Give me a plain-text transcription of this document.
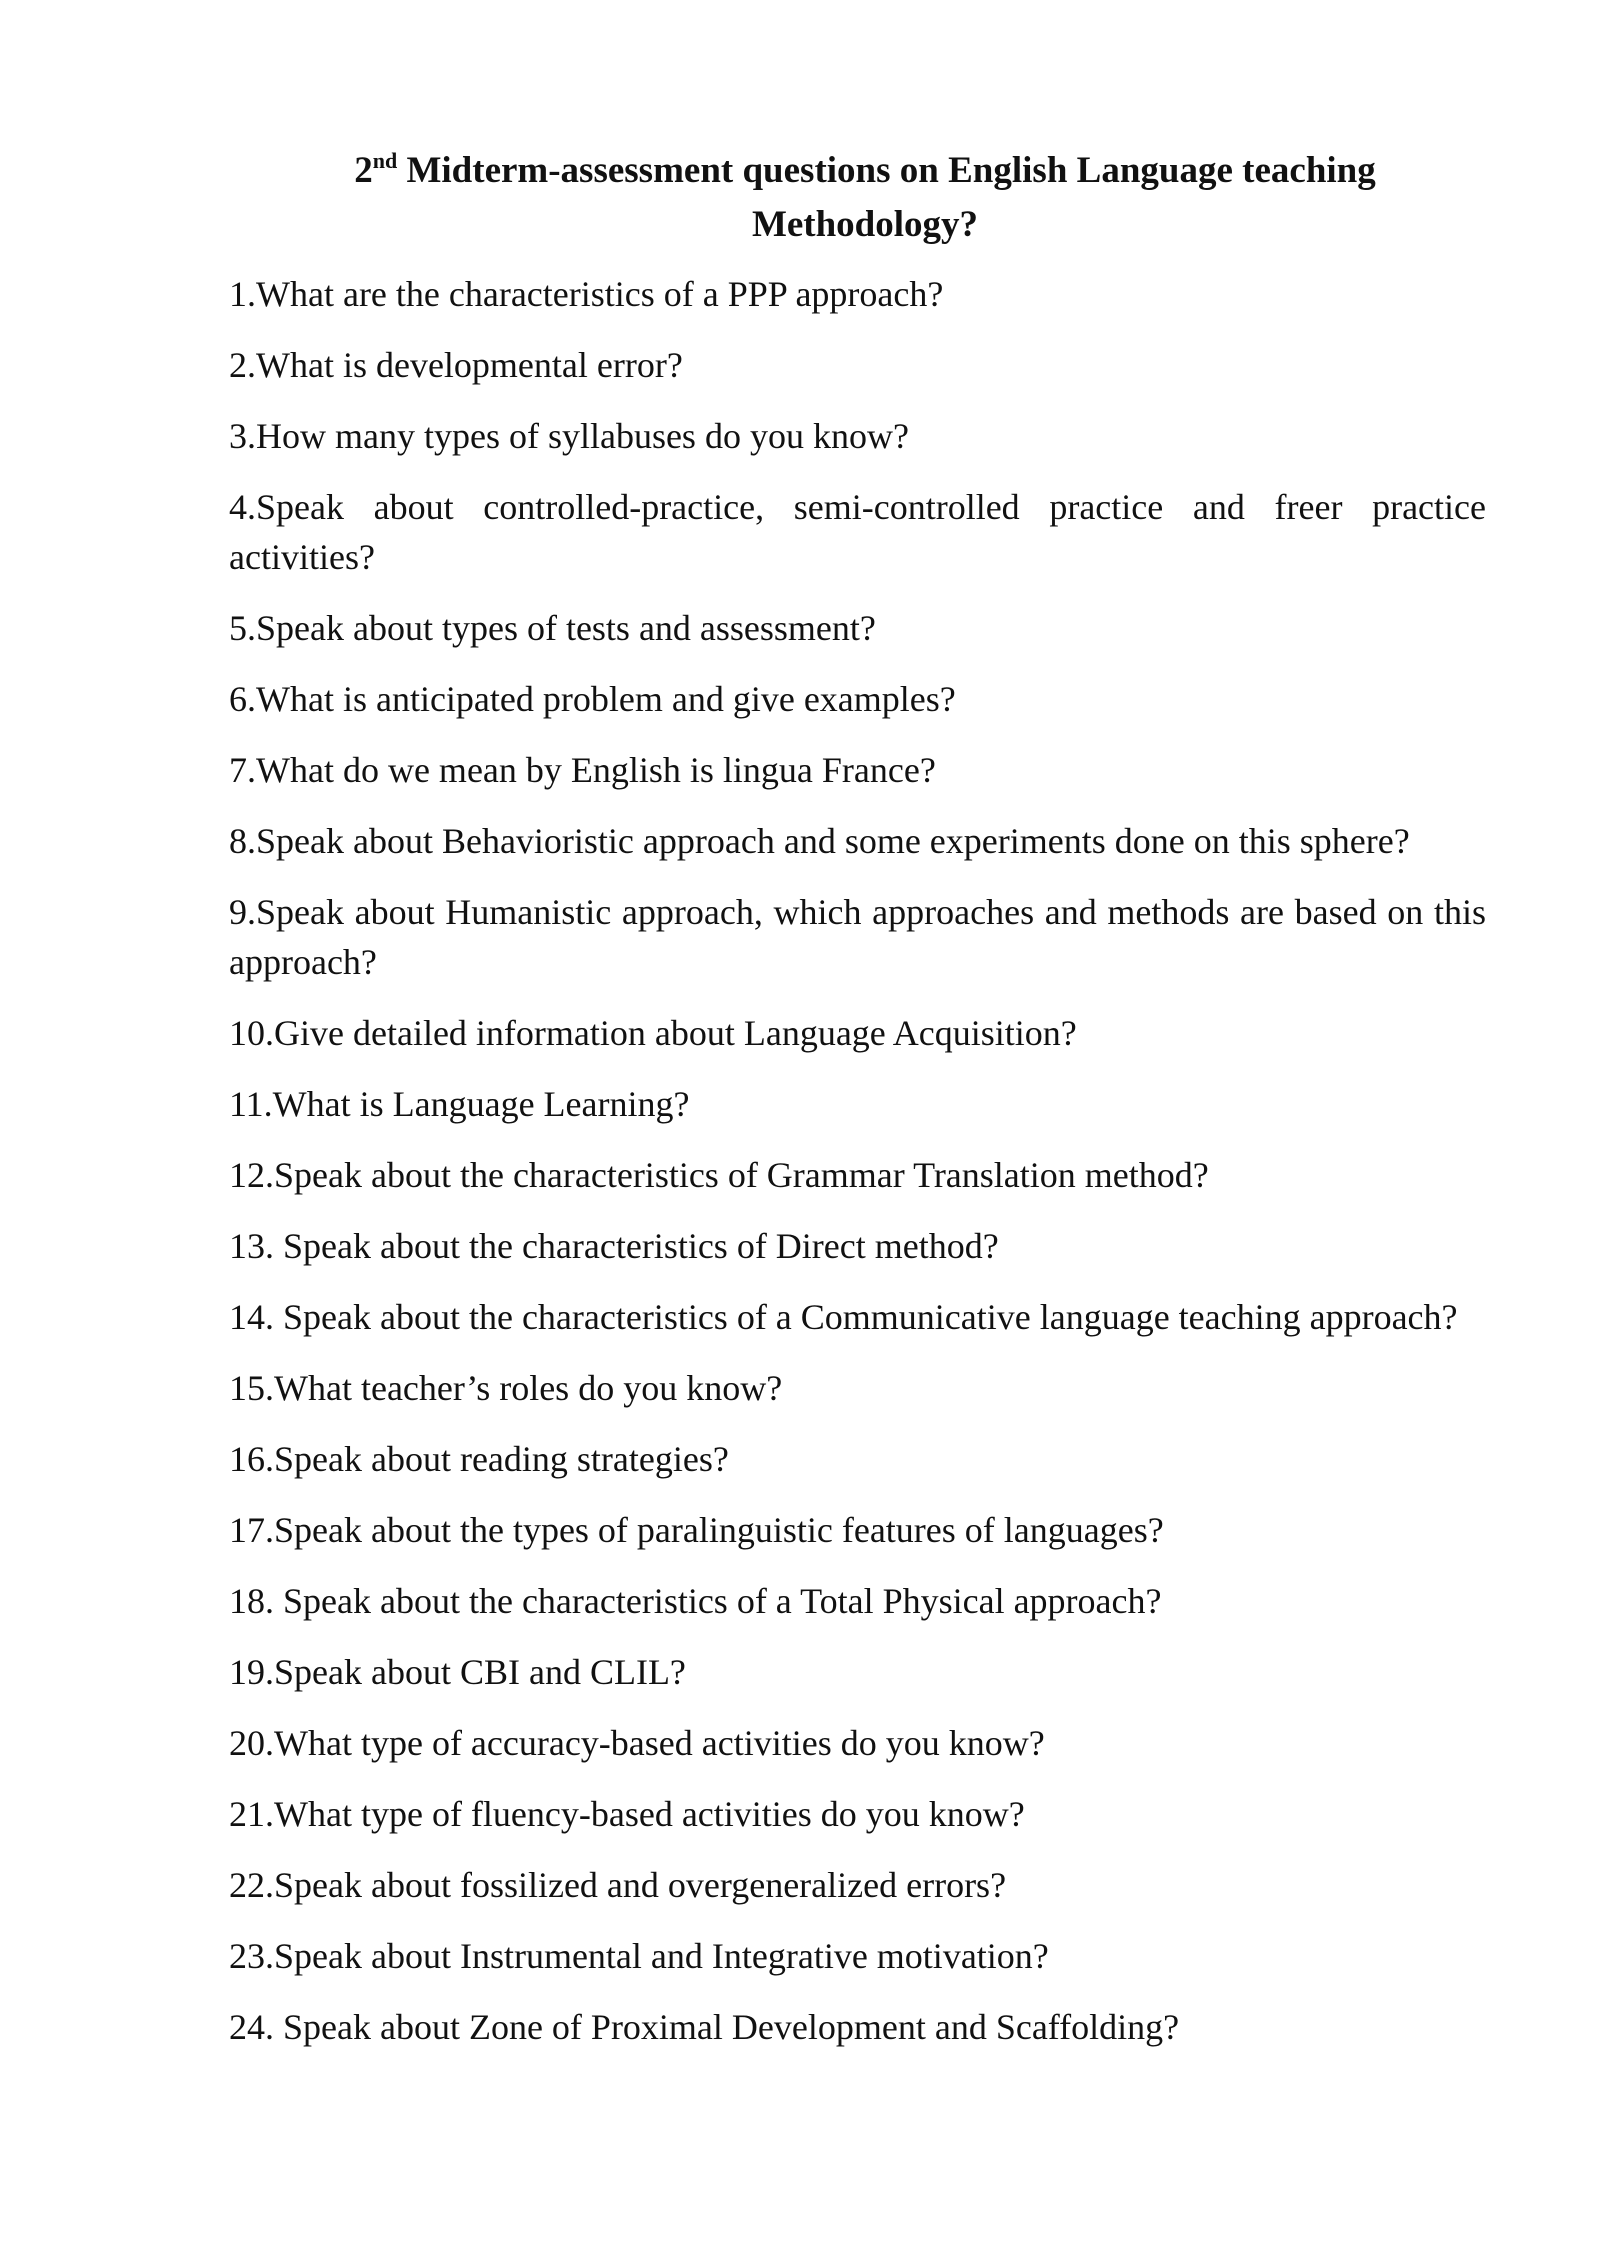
2nd Midterm-assessment questions on English Language teaching
Methodology?
1.What are the characteristics of a PPP approach?
2.What is developmental error?
3.How many types of syllabuses do you know?
4.Speak about controlled-practice, semi-controlled practice and freer practice activities?
5.Speak about types of tests and assessment?
6.What is anticipated problem and give examples?
7.What do we mean by English is lingua France?
8.Speak about Behavioristic approach and some experiments done on this sphere?
9.Speak about Humanistic approach, which approaches and methods are based on this approach?
10.Give detailed information about Language Acquisition?
11.What is Language Learning?
12.Speak about the characteristics of Grammar Translation method?
13. Speak about the characteristics of Direct method?
14. Speak about the characteristics of a Communicative language teaching approach?
15.What teacher’s roles do you know?
16.Speak about reading strategies?
17.Speak about the types of paralinguistic features of languages?
18. Speak about the characteristics of a Total Physical approach?
19.Speak about CBI and CLIL?
20.What type of accuracy-based activities do you know?
21.What type of fluency-based activities do you know?
22.Speak about fossilized and overgeneralized errors?
23.Speak about Instrumental and Integrative motivation?
24. Speak about Zone of Proximal Development and Scaffolding?
